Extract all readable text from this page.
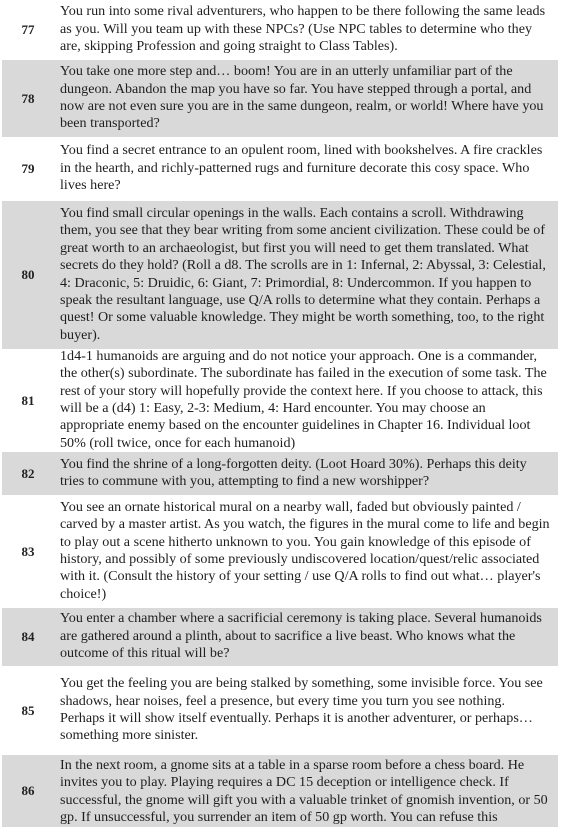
77
You run into some rival adventurers, who happen to be there following the same leads as you. Will you team up with these NPCs? (Use NPC tables to determine who they are, skipping Profession and going straight to Class Tables).
78
You take one more step and… boom! You are in an utterly unfamiliar part of the dungeon. Abandon the map you have so far. You have stepped through a portal, and now are not even sure you are in the same dungeon, realm, or world! Where have you been transported?
79
You find a secret entrance to an opulent room, lined with bookshelves. A fire crackles in the hearth, and richly-patterned rugs and furniture decorate this cosy space. Who lives here?
80
You find small circular openings in the walls. Each contains a scroll. Withdrawing them, you see that they bear writing from some ancient civilization. These could be of great worth to an archaeologist, but first you will need to get them translated. What secrets do they hold? (Roll a d8. The scrolls are in 1: Infernal, 2: Abyssal, 3: Celestial, 4: Draconic, 5: Druidic, 6: Giant, 7: Primordial, 8: Undercommon. If you happen to speak the resultant language, use Q/A rolls to determine what they contain. Perhaps a quest! Or some valuable knowledge. They might be worth something, too, to the right buyer).
81
1d4-1 humanoids are arguing and do not notice your approach. One is a commander, the other(s) subordinate. The subordinate has failed in the execution of some task. The rest of your story will hopefully provide the context here. If you choose to attack, this will be a (d4) 1: Easy, 2-3: Medium, 4: Hard encounter. You may choose an appropriate enemy based on the encounter guidelines in Chapter 16. Individual loot 50% (roll twice, once for each humanoid)
82
You find the shrine of a long-forgotten deity. (Loot Hoard 30%). Perhaps this deity tries to commune with you, attempting to find a new worshipper?
83
You see an ornate historical mural on a nearby wall, faded but obviously painted / carved by a master artist. As you watch, the figures in the mural come to life and begin to play out a scene hitherto unknown to you. You gain knowledge of this episode of history, and possibly of some previously undiscovered location/quest/relic associated with it. (Consult the history of your setting / use Q/A rolls to find out what… player's choice!)
84
You enter a chamber where a sacrificial ceremony is taking place. Several humanoids are gathered around a plinth, about to sacrifice a live beast. Who knows what the outcome of this ritual will be?
85
You get the feeling you are being stalked by something, some invisible force. You see shadows, hear noises, feel a presence, but every time you turn you see nothing. Perhaps it will show itself eventually. Perhaps it is another adventurer, or perhaps… something more sinister.
86
In the next room, a gnome sits at a table in a sparse room before a chess board. He invites you to play. Playing requires a DC 15 deception or intelligence check. If successful, the gnome will gift you with a valuable trinket of gnomish invention, or 50 gp. If unsuccessful, you surrender an item of 50 gp worth. You can refuse this
